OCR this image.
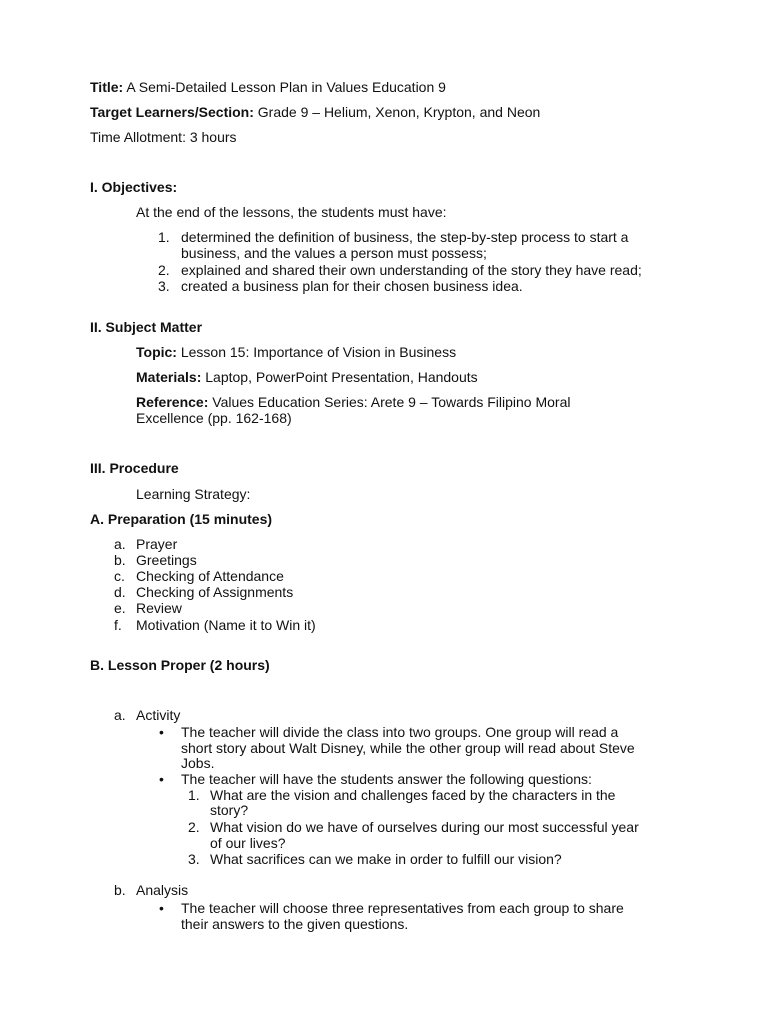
Title: A Semi-Detailed Lesson Plan in Values Education 9
Target Learners/Section: Grade 9 – Helium, Xenon, Krypton, and Neon
Time Allotment: 3 hours
I. Objectives:
At the end of the lessons, the students must have:
1. determined the definition of business, the step-by-step process to start a
business, and the values a person must possess;
2. explained and shared their own understanding of the story they have read;
3. created a business plan for their chosen business idea.
II. Subject Matter
Topic: Lesson 15: Importance of Vision in Business
Materials: Laptop, PowerPoint Presentation, Handouts
Reference: Values Education Series: Arete 9 – Towards Filipino Moral
Excellence (pp. 162-168)
III. Procedure
Learning Strategy:
A. Preparation (15 minutes)
a. Prayer
b. Greetings
c. Checking of Attendance
d. Checking of Assignments
e. Review
f. Motivation (Name it to Win it)
B. Lesson Proper (2 hours)
a. Activity
• The teacher will divide the class into two groups. One group will read a
short story about Walt Disney, while the other group will read about Steve
Jobs.
• The teacher will have the students answer the following questions:
1. What are the vision and challenges faced by the characters in the
story?
2. What vision do we have of ourselves during our most successful year
of our lives?
3. What sacrifices can we make in order to fulfill our vision?
b. Analysis
• The teacher will choose three representatives from each group to share
their answers to the given questions.
